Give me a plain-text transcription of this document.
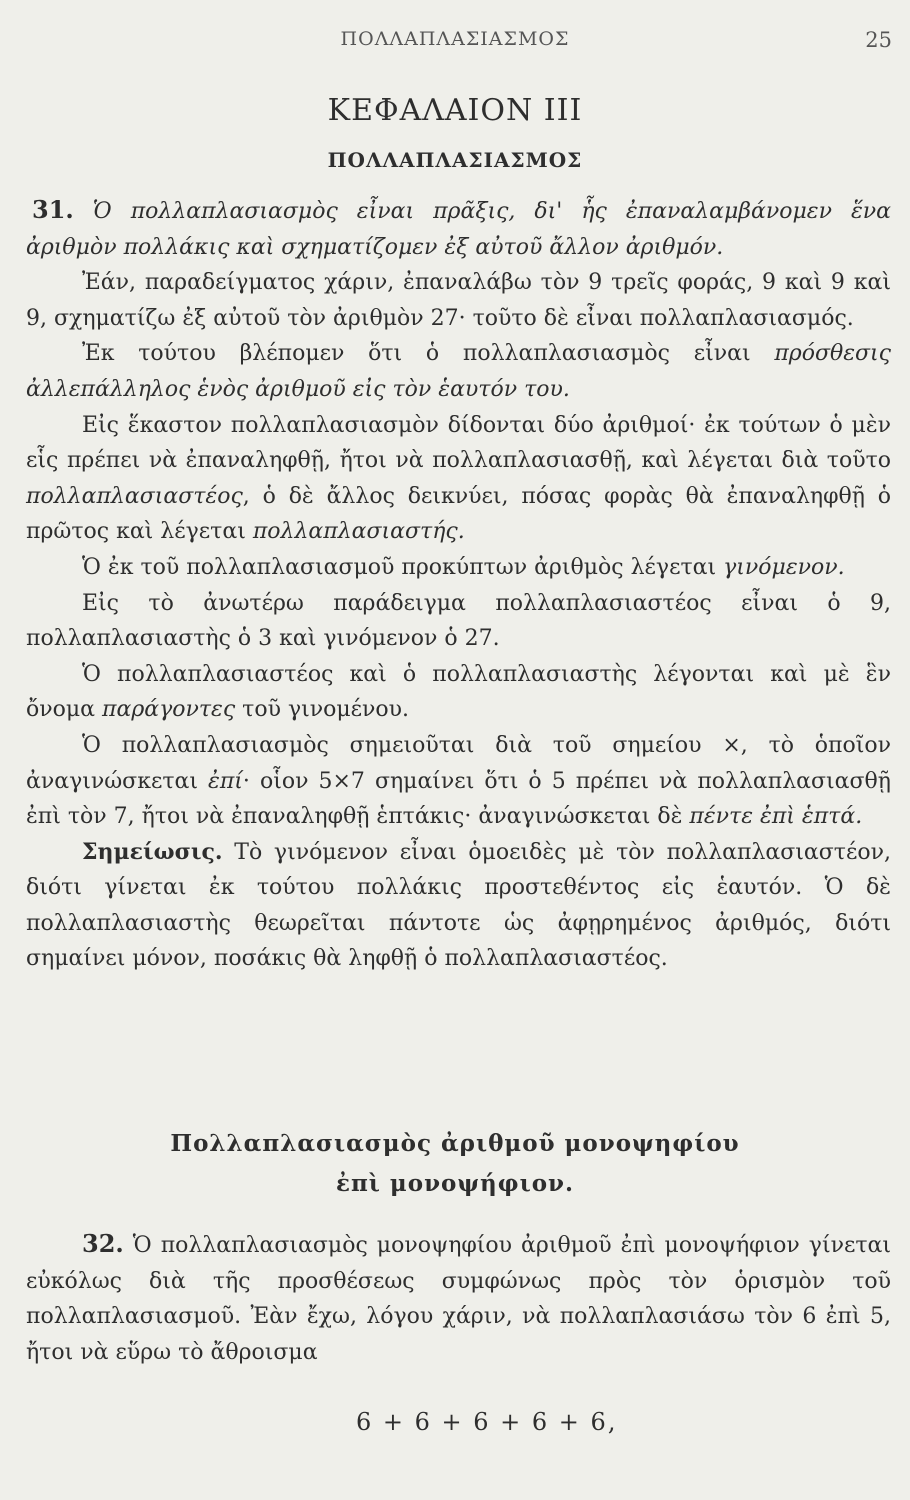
ΠΟΛΛΑΠΛΑΣΙΑΣΜΟΣ	25
ΚΕΦΑΛΑΙΟΝ ΙΙΙ
ΠΟΛΛΑΠΛΑΣΙΑΣΜΟΣ

31. Ὁ πολλαπλασιασμὸς εἶναι πρᾶξις, δι' ἧς ἐπαναλαμβάνομεν ἕνα ἀριθμὸν πολλάκις καὶ σχηματίζομεν ἐξ αὐτοῦ ἄλλον ἀριθμόν.

Ἐάν, παραδείγματος χάριν, ἐπαναλάβω τὸν 9 τρεῖς φοράς, 9 καὶ 9 καὶ 9, σχηματίζω ἐξ αὐτοῦ τὸν ἀριθμὸν 27· τοῦτο δὲ εἶναι πολλαπλασιασμός.

Ἐκ τούτου βλέπομεν ὅτι ὁ πολλαπλασιασμὸς εἶναι πρόσθεσις ἀλλεπάλληλος ἑνὸς ἀριθμοῦ εἰς τὸν ἑαυτόν του.

Εἰς ἕκαστον πολλαπλασιασμὸν δίδονται δύο ἀριθμοί· ἐκ τούτων ὁ μὲν εἷς πρέπει νὰ ἐπαναληφθῇ, ἤτοι νὰ πολλαπλασιασθῇ, καὶ λέγεται διὰ τοῦτο πολλαπλασιαστέος, ὁ δὲ ἄλλος δεικνύει, πόσας φορὰς θὰ ἐπαναληφθῇ ὁ πρῶτος καὶ λέγεται πολλαπλασιαστής.

Ὁ ἐκ τοῦ πολλαπλασιασμοῦ προκύπτων ἀριθμὸς λέγεται γινόμενον.

Εἰς τὸ ἀνωτέρω παράδειγμα πολλαπλασιαστέος εἶναι ὁ 9, πολλαπλασιαστὴς ὁ 3 καὶ γινόμενον ὁ 27.

Ὁ πολλαπλασιαστέος καὶ ὁ πολλαπλασιαστὴς λέγονται καὶ μὲ ἓν ὄνομα παράγοντες τοῦ γινομένου.

Ὁ πολλαπλασιασμὸς σημειοῦται διὰ τοῦ σημείου ×, τὸ ὁποῖον ἀναγινώσκεται ἐπί· οἷον 5×7 σημαίνει ὅτι ὁ 5 πρέπει νὰ πολλαπλασιασθῇ ἐπὶ τὸν 7, ἤτοι νὰ ἐπαναληφθῇ ἑπτάκις· ἀναγινώσκεται δὲ πέντε ἐπὶ ἑπτά.

Σημείωσις. Τὸ γινόμενον εἶναι ὁμοειδὲς μὲ τὸν πολλαπλασιαστέον, διότι γίνεται ἐκ τούτου πολλάκις προστεθέντος εἰς ἑαυτόν. Ὁ δὲ πολλαπλασιαστὴς θεωρεῖται πάντοτε ὡς ἀφῃρημένος ἀριθμός, διότι σημαίνει μόνον, ποσάκις θὰ ληφθῇ ὁ πολλαπλασιαστέος.

Πολλαπλασιασμὸς ἀριθμοῦ μονοψηφίου
ἐπὶ μονοψήφιον.

32. Ὁ πολλαπλασιασμὸς μονοψηφίου ἀριθμοῦ ἐπὶ μονοψήφιον γίνεται εὐκόλως διὰ τῆς προσθέσεως συμφώνως πρὸς τὸν ὁρισμὸν τοῦ πολλαπλασιασμοῦ. Ἐὰν ἔχω, λόγου χάριν, νὰ πολλαπλασιάσω τὸν 6 ἐπὶ 5, ἤτοι νὰ εὕρω τὸ ἄθροισμα

6 + 6 + 6 + 6 + 6,
